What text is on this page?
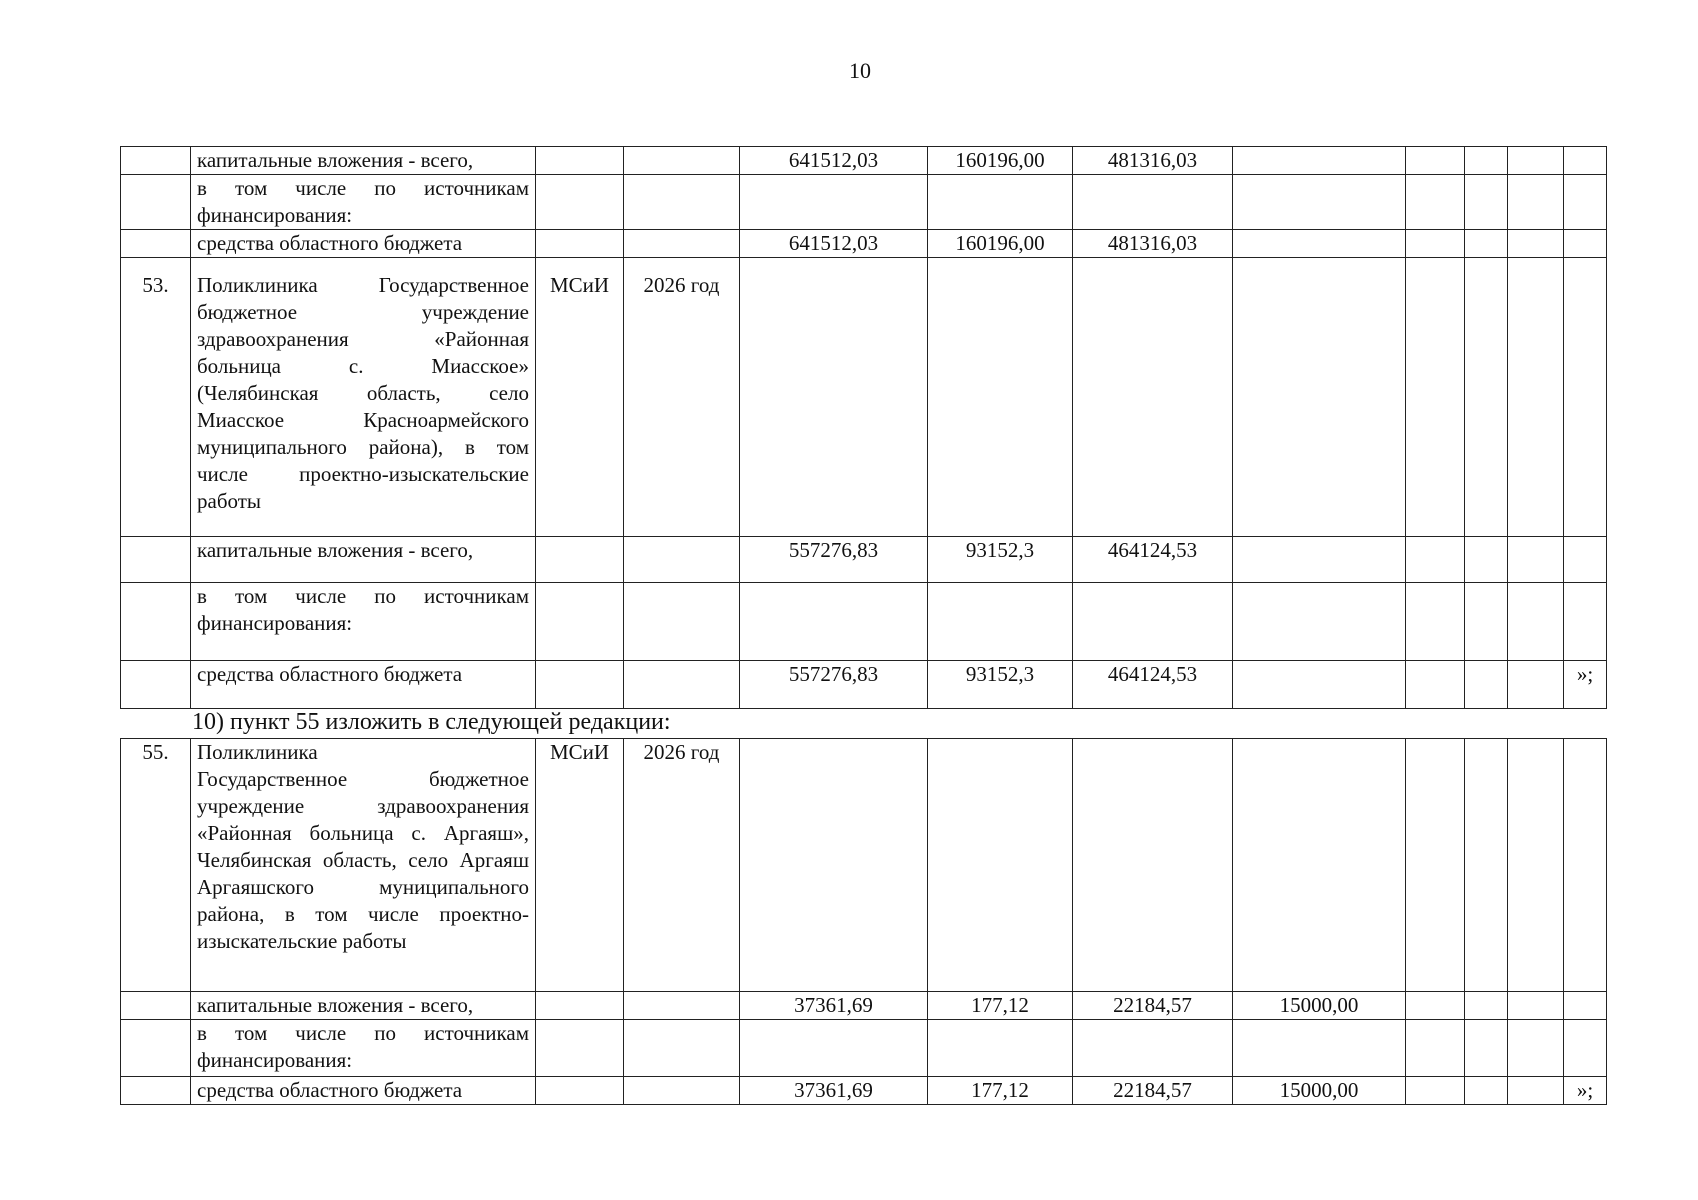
10
	капитальные вложения - всего,			641512,03	160196,00	481316,03					
	в том числе по источникам финансирования:										
	средства областного бюджета			641512,03	160196,00	481316,03					
53.	Поликлиника Государственное бюджетное учреждение здравоохранения «Районная больница с. Миасское» (Челябинская область, село Миасское Красноармейского муниципального района), в том числе проектно-изыскательские работы	МСиИ	2026 год								
	капитальные вложения - всего,			557276,83	93152,3	464124,53					
	в том числе по источникам финансирования:										
	средства областного бюджета			557276,83	93152,3	464124,53					»;
10) пункт 55 изложить в следующей редакции:
55.	Поликлиника
Государственное бюджетное учреждение здравоохранения «Районная больница с. Аргаяш», Челябинская область, село Аргаяш Аргаяшского муниципального района, в том числе проектно-изыскательские работы	МСиИ	2026 год								
	капитальные вложения - всего,			37361,69	177,12	22184,57	15000,00				
	в том числе по источникам финансирования:										
	средства областного бюджета			37361,69	177,12	22184,57	15000,00				»;
